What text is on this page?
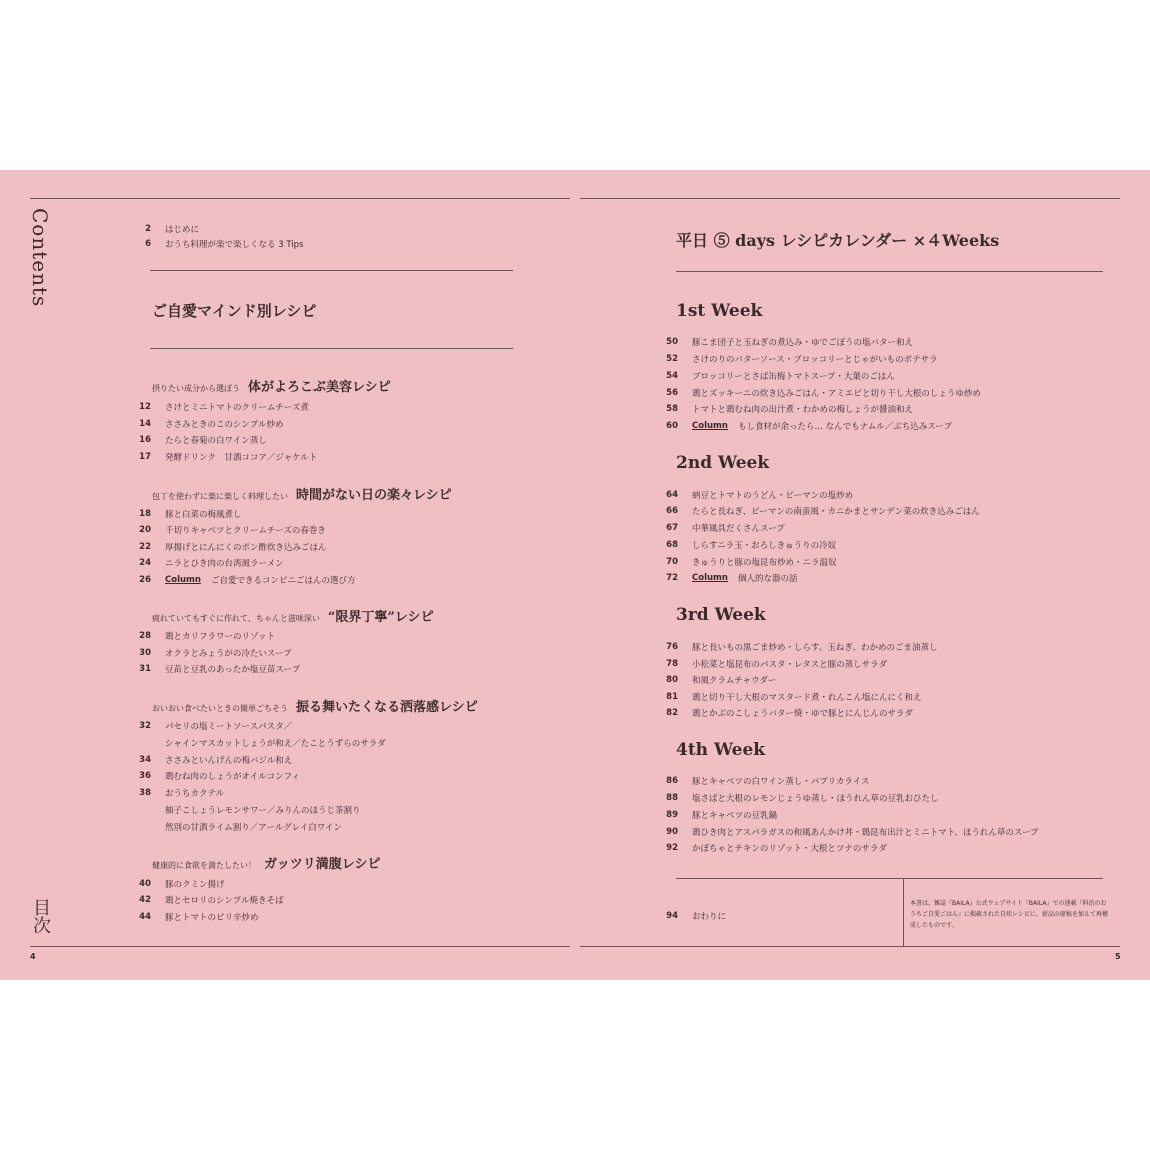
Contents
目次
4	5
2 はじめに
6 おうち料理が楽で楽しくなる 3 Tips
ご自愛マインド別レシピ
摂りたい成分から選ぼう 体がよろこぶ美容レシピ
12 さけとミニトマトのクリームチーズ煮
14 ささみときのこのシンプル炒め
16 たらと春菊の白ワイン蒸し
17 発酵ドリンク　甘酒ココア／ジャケルト
包丁を使わずに楽に楽しく料理したい 時間がない日の楽々レシピ
18 豚と白菜の梅風煮し
20 千切りキャベツとクリームチーズの春巻き
22 厚揚げとにんにくのポン酢炊き込みごはん
24 ニラとひき肉の台湾風ラーメン
26 Column ご自愛できるコンビニごはんの選び方
疲れていてもすぐに作れて、ちゃんと滋味深い “限界丁寧”レシピ
28 鶏とカリフラワーのリゾット
30 オクラとみょうがの冷たいスープ
31 豆苗と豆乳のあったか塩豆苗スープ
おいおい食べたいときの簡単ごちそう 振る舞いたくなる洒落感レシピ
32 パセリの塩ミートソースパスタ／
シャインマスカットしょうが和え／たことうずらのサラダ
34 ささみといんげんの梅バジル和え
36 鶏むね肉のしょうがオイルコンフィ
38 おうちカクテル
柚子こしょうレモンサワー／みりんのほうじ茶割り
然別の甘酒ライム割り／アールグレイ白ワイン
健康的に食欲を満たしたい！ ガッツリ満腹レシピ
40 豚のクミン揚げ
42 鶏とセロリのシンプル焼きそば
44 豚とトマトのピリ辛炒め
平日 ⑤ days レシピカレンダー ×４Weeks
1st Week
50 豚こま団子と玉ねぎの煮込み・ゆでごぼうの塩バター和え
52 さけのりのバターソース・ブロッコリーとじゃがいものポテサラ
54 ブロッコリーとさば缶梅トマトスープ・大葉のごはん
56 鶏とズッキーニの炊き込みごはん・アミエビと切り干し大根のしょうゆ炒め
58 トマトと鶏むね肉の出汁煮・わかめの梅しょうが醤油和え
60 Column もし食材が余ったら… なんでもナムル／ぶち込みスープ
2nd Week
64 納豆とトマトのうどん・ピーマンの塩炒め
66 たらと長ねぎ、ピーマンの南蛮風・カニかまとサンデン菜の炊き込みごはん
67 中華風具だくさんスープ
68 しらすニラ玉・おろしきゅうりの冷奴
70 きゅうりと豚の塩昆布炒め・ニラ温奴
72 Column 個人的な器の話
3rd Week
76 豚と長いもの黒ごま炒め・しらす、玉ねぎ、わかめのごま油蒸し
78 小松菜と塩昆布のパスタ・レタスと豚の蒸しサラダ
80 和風クラムチャウダー
81 鶏と切り干し大根のマスタード煮・れんこん塩にんにく和え
82 鶏とかぶのこしょうバター焼・ゆで豚とにんじんのサラダ
4th Week
86 豚とキャベツの白ワイン蒸し・パプリカライス
88 塩さばと大根のレモンじょうゆ蒸し・ほうれん草の豆乳おひたし
89 豚とキャベツの豆乳鍋
90 鶏ひき肉とアスパラガスの和風あんかけ丼・鶏昆布出汁とミニトマト、ほうれん草のスープ
92 かぼちゃとチキンのリゾット・大根とツナのサラダ
94 おわりに
本書は、雑誌『BAILA』公式ウェブサイト『BAILA』での連載『料治のおうちご自愛ごはん』に掲載された自炊レシピに、新品の原稿を加えて再構成したものです。
